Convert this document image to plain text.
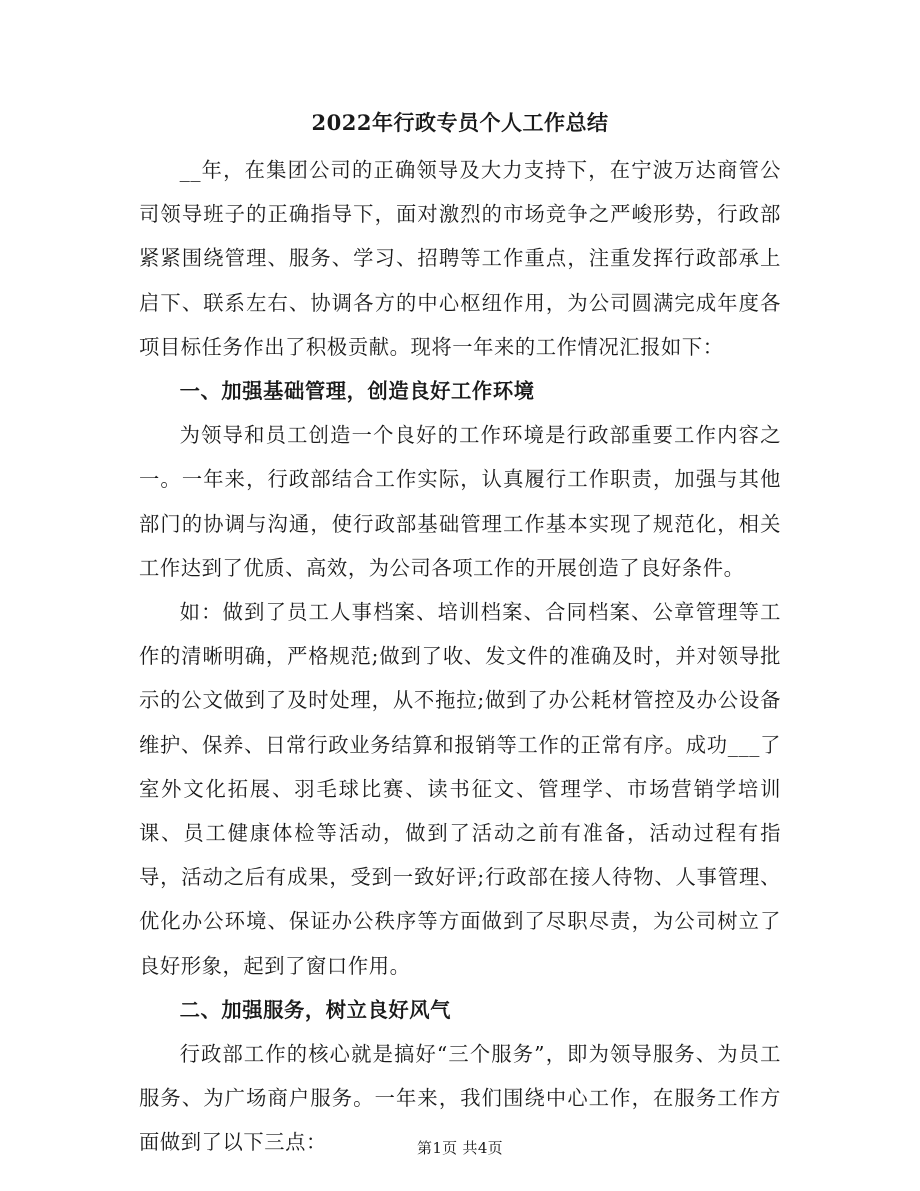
2022年行政专员个人工作总结

__年，在集团公司的正确领导及大力支持下，在宁波万达商管公司领导班子的正确指导下，面对激烈的市场竞争之严峻形势，行政部紧紧围绕管理、服务、学习、招聘等工作重点，注重发挥行政部承上启下、联系左右、协调各方的中心枢纽作用，为公司圆满完成年度各项目标任务作出了积极贡献。现将一年来的工作情况汇报如下：

一、加强基础管理，创造良好工作环境

为领导和员工创造一个良好的工作环境是行政部重要工作内容之一。一年来，行政部结合工作实际，认真履行工作职责，加强与其他部门的协调与沟通，使行政部基础管理工作基本实现了规范化，相关工作达到了优质、高效，为公司各项工作的开展创造了良好条件。

如：做到了员工人事档案、培训档案、合同档案、公章管理等工作的清晰明确，严格规范;做到了收、发文件的准确及时，并对领导批示的公文做到了及时处理，从不拖拉;做到了办公耗材管控及办公设备维护、保养、日常行政业务结算和报销等工作的正常有序。成功___了室外文化拓展、羽毛球比赛、读书征文、管理学、市场营销学培训课、员工健康体检等活动，做到了活动之前有准备，活动过程有指导，活动之后有成果，受到一致好评;行政部在接人待物、人事管理、优化办公环境、保证办公秩序等方面做到了尽职尽责，为公司树立了良好形象，起到了窗口作用。

二、加强服务，树立良好风气

行政部工作的核心就是搞好“三个服务”，即为领导服务、为员工服务、为广场商户服务。一年来，我们围绕中心工作，在服务工作方面做到了以下三点：	第1页 共4页
